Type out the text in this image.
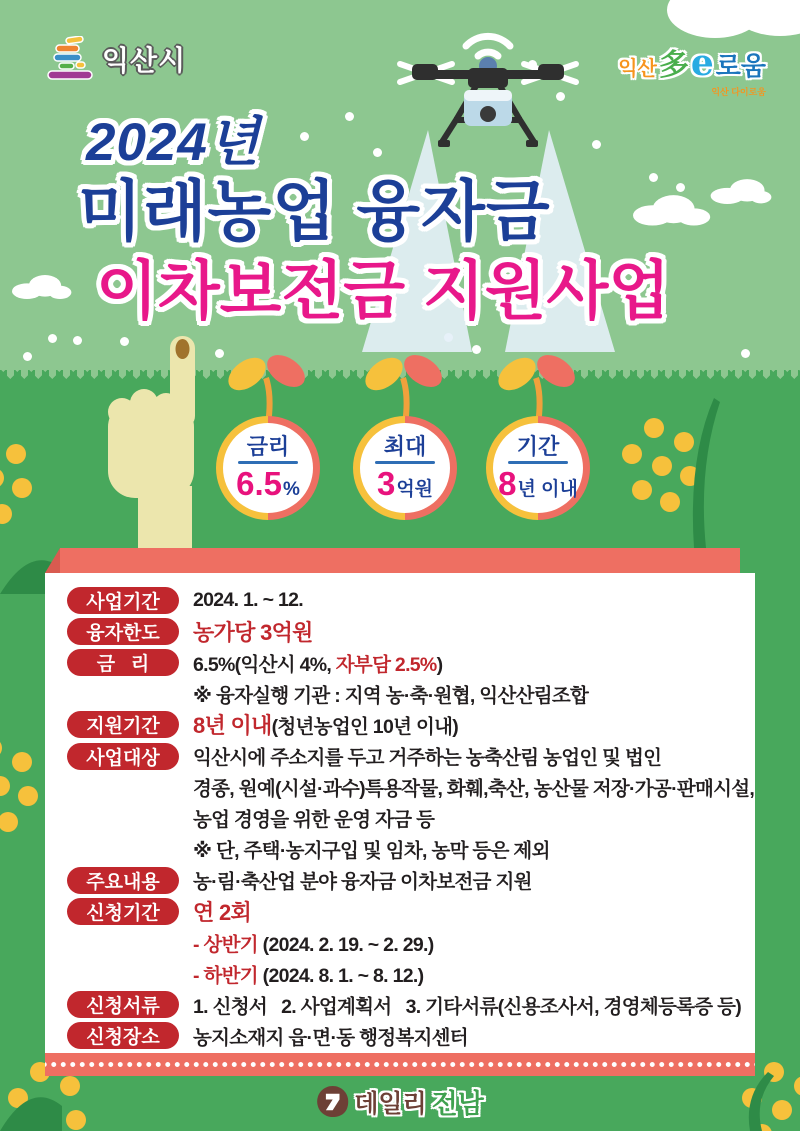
익산시	익산 多 e 로움
익산 다이로움
2024년
미래농업 융자금
이차보전금 지원사업
금리
6.5 %
최대
3 억원
기간
8 년 이내
사업기간	2024. 1. ~ 12.
융자한도	농가당 3억원
금   리	6.5%(익산시 4%, 자부담 2.5% )
※ 융자실행 기관 : 지역 농·축·원협, 익산산림조합
지원기간	8년 이내 (청년농업인 10년 이내)
사업대상	익산시에 주소지를 두고 거주하는 농축산림 농업인 및 법인
경종, 원예(시설·과수)특용작물, 화훼,축산, 농산물 저장·가공·판매시설,
농업 경영을 위한 운영 자금 등
※ 단, 주택·농지구입 및 임차, 농막 등은 제외
주요내용	농·림·축산업 분야 융자금 이차보전금 지원
신청기간	연 2회
- 상반기 (2024. 2. 19. ~ 2. 29.)
- 하반기 (2024. 8. 1. ~ 8. 12.)
신청서류	1. 신청서   2. 사업계획서   3. 기타서류(신용조사서, 경영체등록증 등)
신청장소	농지소재지 읍·면·동 행정복지센터
데일리 전남
